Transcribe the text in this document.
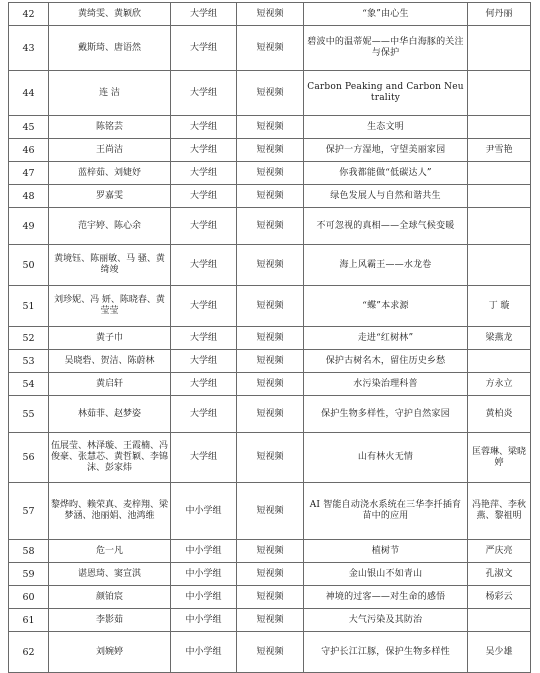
42	黄绮雯、黄颖欣	大学组	短视频	“象”由心生	何丹丽
43	戴斯琦、唐语然	大学组	短视频	碧波中的温蒂妮——中华白海豚的关注与保护	
44	连 洁	大学组	短视频	Carbon Peaking and Carbon Neutrality	
45	陈铭芸	大学组	短视频	生态文明	
46	王尚洁	大学组	短视频	保护一方湿地，守望美丽家园	尹雪艳
47	蓝梓茹、刘婕妤	大学组	短视频	你我都能做“低碳达人”	
48	罗嘉雯	大学组	短视频	绿色发展人与自然和谐共生	
49	范宇婷、陈心余	大学组	短视频	不可忽视的真相——全球气候变暖	
50	黄境钰、陈丽敏、马 骚、黄绮竣	大学组	短视频	海上风霸王——水龙卷	
51	刘珍妮、冯 妍、陈晓春、黄莹莹	大学组	短视频	“蝶”本求源	丁 璇
52	黄子巾	大学组	短视频	走进“红树林”	梁燕龙
53	吴晓砦、贺洁、陈蔚林	大学组	短视频	保护古树名木，留住历史乡愁	
54	黄启轩	大学组	短视频	水污染治理科普	方永立
55	林茹菲、赵梦姿	大学组	短视频	保护生物多样性，守护自然家园	黄柏炎
56	伍展莹、林泽璇、王霞楠、冯俊豪、张慧芯、黄哲颖、李锦沫、彭家炜	大学组	短视频	山有林火无情	匡蓉琳、梁晓婷
57	黎烨昀、赖荣真、麦梓翔、梁梦涵、池丽娟、池鸿维	中小学组	短视频	AI 智能自动浇水系统在三华李扦插育苗中的应用	冯艳萍、李秋燕、黎祖明
58	危一凡	中小学组	短视频	植树节	严庆亮
59	谌恩琦、窦宣淇	中小学组	短视频	金山银山不如青山	孔淑文
60	颜铂宸	中小学组	短视频	神境的过客——对生命的感悟	杨彩云
61	李影茹	中小学组	短视频	大气污染及其防治	
62	刘婉婷	中小学组	短视频	守护长江江豚，保护生物多样性	吴少雄
